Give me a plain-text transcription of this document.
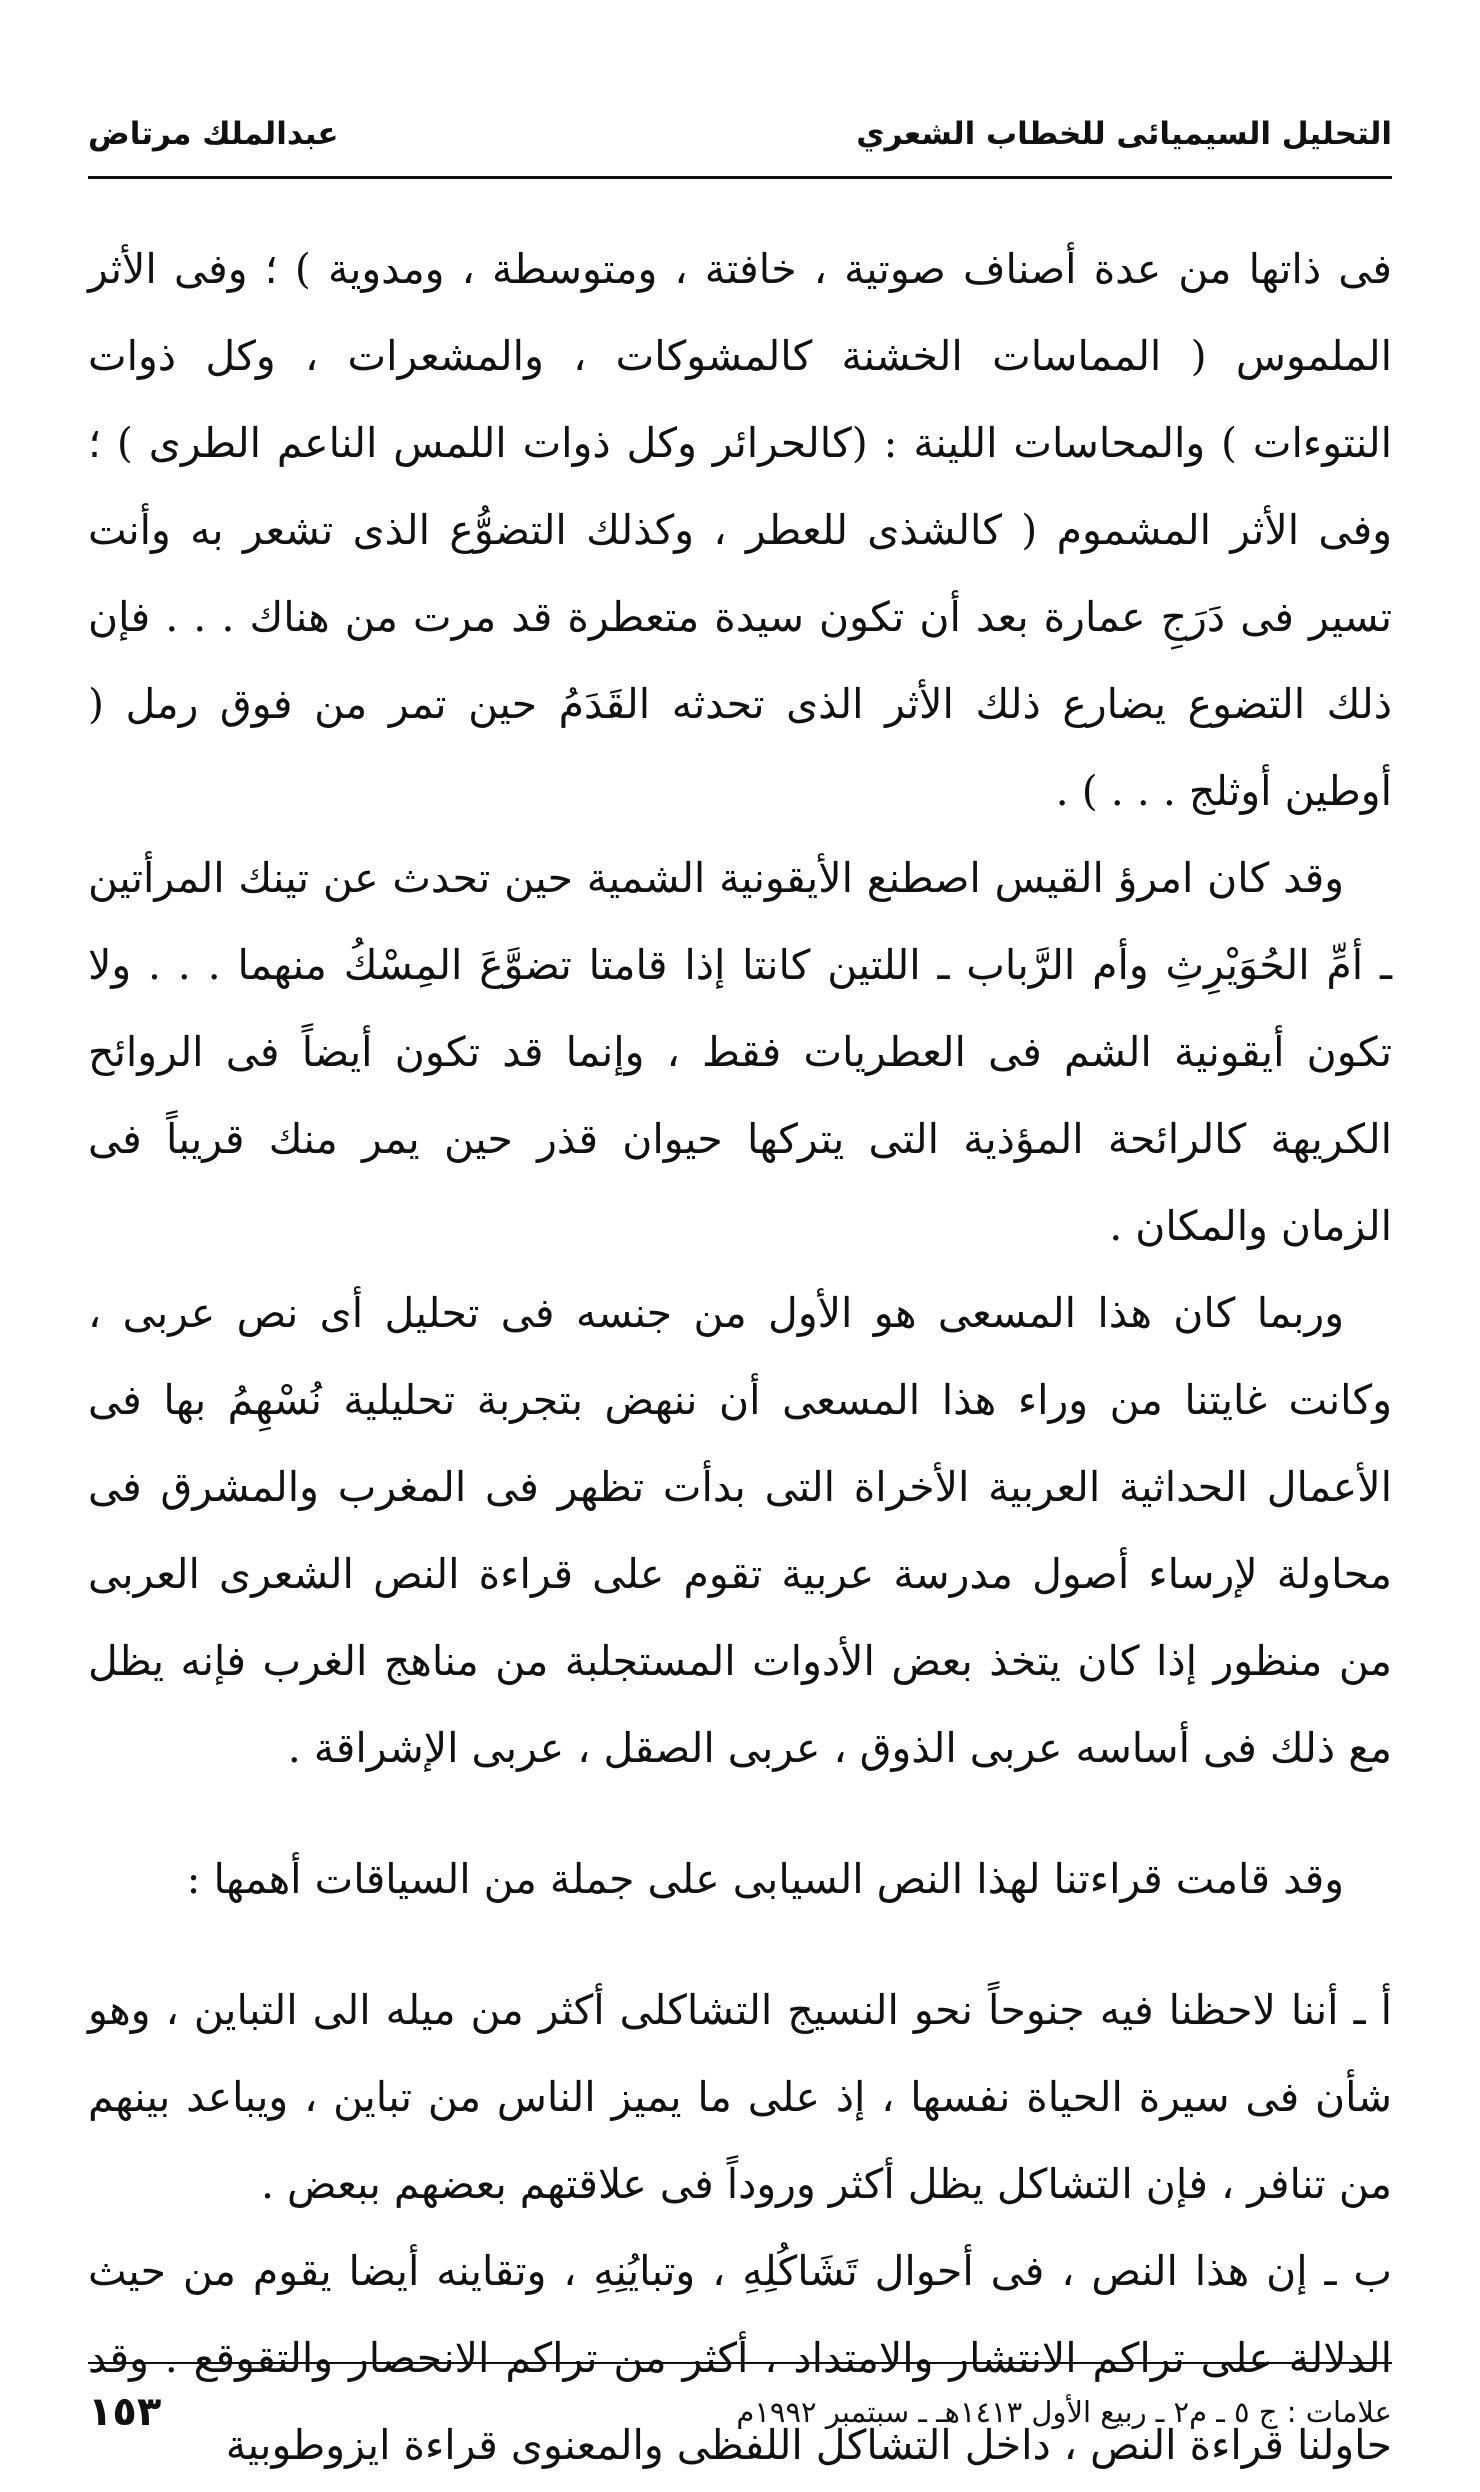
التحليل السيميائى للخطاب الشعري
عبدالملك مرتاض

فى ذاتها من عدة أصناف صوتية ، خافتة ، ومتوسطة ، ومدوية ) ؛ وفى الأثر الملموس ( المماسات الخشنة كالمشوكات ، والمشعرات ، وكل ذوات النتوءات ) والمحاسات اللينة : (كالحرائر وكل ذوات اللمس الناعم الطرى ) ؛ وفى الأثر المشموم ( كالشذى للعطر ، وكذلك التضوُّع الذى تشعر به وأنت تسير فى دَرَجِ عمارة بعد أن تكون سيدة متعطرة قد مرت من هناك . . . فإن ذلك التضوع يضارع ذلك الأثر الذى تحدثه القَدَمُ حين تمر من فوق رمل ( أوطين أوثلج . . . ) .

وقد كان امرؤ القيس اصطنع الأيقونية الشمية حين تحدث عن تينك المرأتين ـ أمِّ الحُوَيْرِثِ وأم الرَّباب ـ اللتين كانتا إذا قامتا تضوَّعَ المِسْكُ منهما . . . ولا تكون أيقونية الشم فى العطريات فقط ، وإنما قد تكون أيضاً فى الروائح الكريهة كالرائحة المؤذية التى يتركها حيوان قذر حين يمر منك قريباً فى الزمان والمكان .

وربما كان هذا المسعى هو الأول من جنسه فى تحليل أى نص عربى ، وكانت غايتنا من وراء هذا المسعى أن ننهض بتجربة تحليلية نُسْهِمُ بها فى الأعمال الحداثية العربية الأخراة التى بدأت تظهر فى المغرب والمشرق فى محاولة لإرساء أصول مدرسة عربية تقوم على قراءة النص الشعرى العربى من منظور إذا كان يتخذ بعض الأدوات المستجلبة من مناهج الغرب فإنه يظل مع ذلك فى أساسه عربى الذوق ، عربى الصقل ، عربى الإشراقة .

وقد قامت قراءتنا لهذا النص السيابى على جملة من السياقات أهمها :

أ ـ أننا لاحظنا فيه جنوحاً نحو النسيج التشاكلى أكثر من ميله الى التباين ، وهو شأن فى سيرة الحياة نفسها ، إذ على ما يميز الناس من تباين ، ويباعد بينهم من تنافر ، فإن التشاكل يظل أكثر وروداً فى علاقتهم بعضهم ببعض .

ب ـ إن هذا النص ، فى أحوال تَشَاكُلِهِ ، وتبايُنِهِ ، وتقاينه أيضا يقوم من حيث الدلالة على تراكم الانتشار والامتداد ، أكثر من تراكم الانحصار والتقوقع . وقد حاولنا قراءة النص ، داخل التشاكل اللفظى والمعنوى قراءة ايزوطوبية

علامات : ج ٥ ـ م٢ ـ ربيع الأول ١٤١٣هـ ـ سبتمبر ١٩٩٢م
١٥٣
